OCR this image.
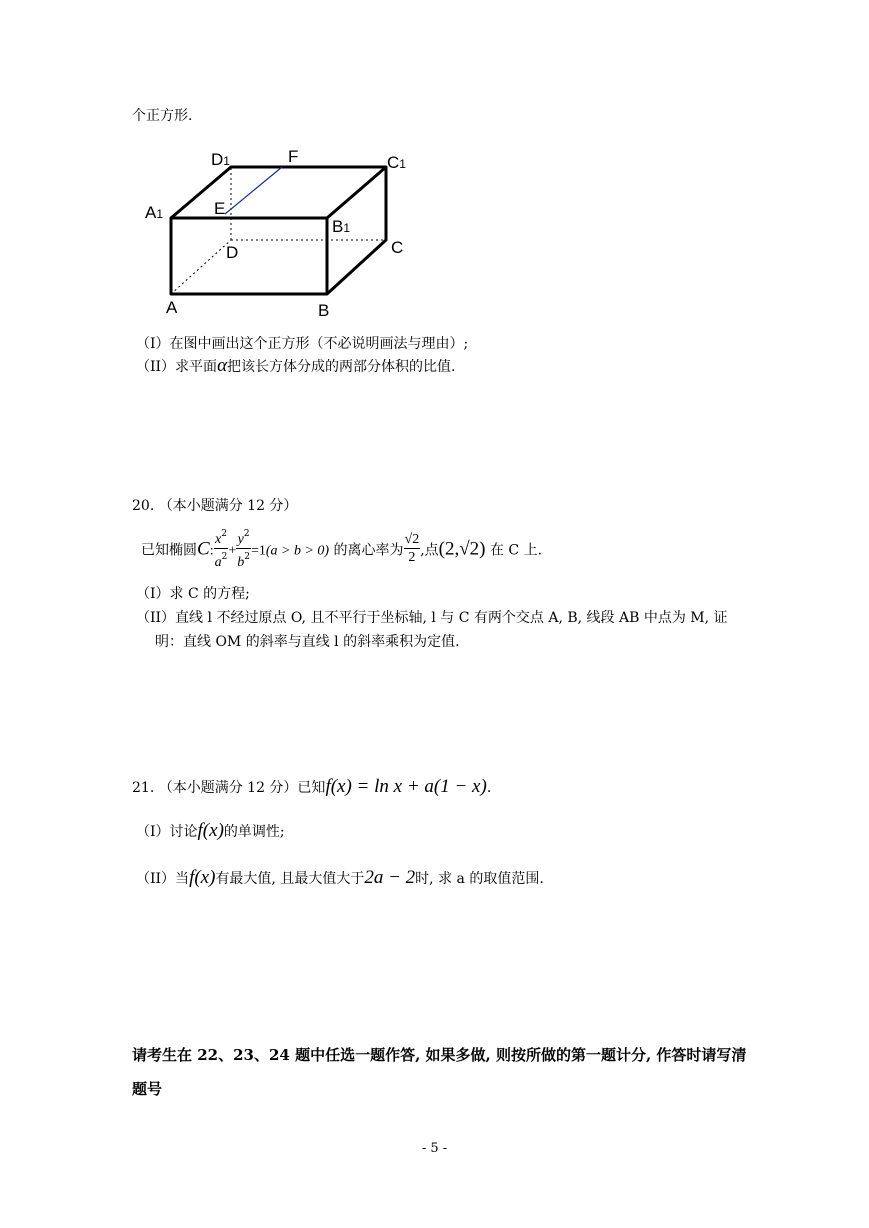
个正方形.
D1	F	C1
A1	E
B1
D	C
A	B
（I）在图中画出这个正方形（不必说明画法与理由）;
（II）求平面α把该长方体分成的两部分体积的比值.
20. （本小题满分 12 分）
已知椭圆C: $\frac{x^2}{a^2} + \frac{y^2}{b^2} =1(a > b > 0)$ 的离心率为 $\frac{√2}{2}$ ,点(2,√2) 在 C 上.
（I）求 C 的方程;
（II）直线 l 不经过原点 O, 且不平行于坐标轴, l 与 C 有两个交点 A, B, 线段 AB 中点为 M, 证
明：直线 OM 的斜率与直线 l 的斜率乘积为定值.
21. （本小题满分 12 分）已知f(x) = ln x + a(1 − x).
（I）讨论f(x)的单调性;
（II）当f(x)有最大值, 且最大值大于2a − 2时, 求 a 的取值范围.
请考生在 22、23、24 题中任选一题作答, 如果多做, 则按所做的第一题计分, 作答时请写清
题号
- 5 -
